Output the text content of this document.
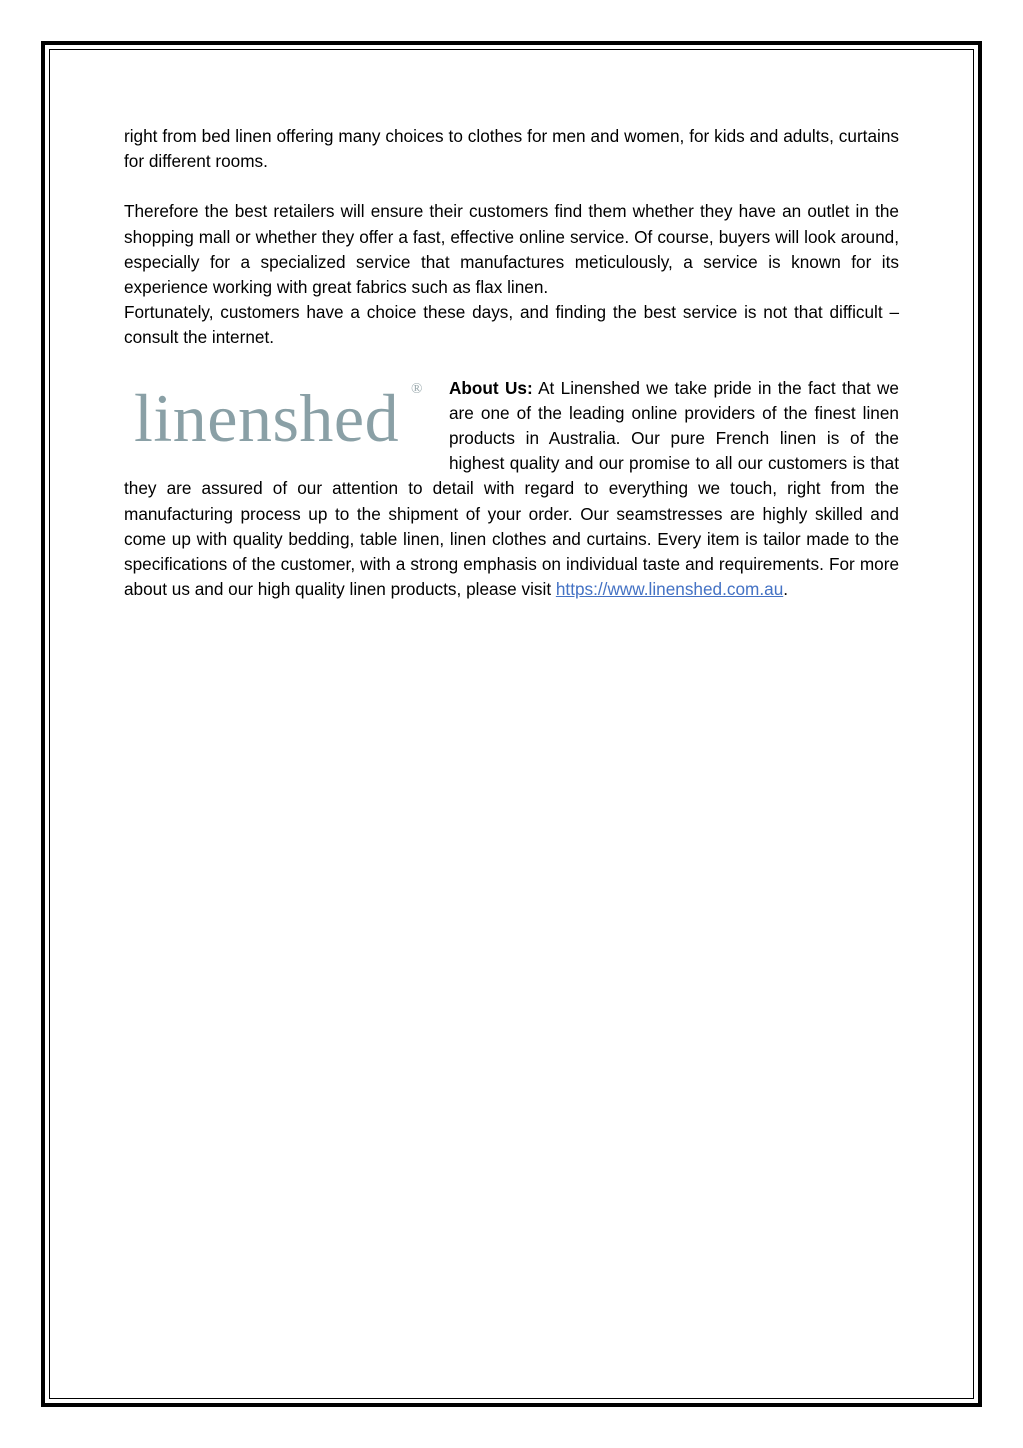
right from bed linen offering many choices to clothes for men and women, for kids and adults, curtains for different rooms.

Therefore the best retailers will ensure their customers find them whether they have an outlet in the shopping mall or whether they offer a fast, effective online service. Of course, buyers will look around, especially for a specialized service that manufactures meticulously, a service is known for its experience working with great fabrics such as flax linen.

Fortunately, customers have a choice these days, and finding the best service is not that difficult – consult the internet.

linenshed ®	About Us: At Linenshed we take pride in the fact that we are one of the leading online providers of the finest linen products in Australia. Our pure French linen is of the highest quality and our promise to all our customers is that they are assured of our attention to detail with regard to everything we touch, right from the manufacturing process up to the shipment of your order. Our seamstresses are highly skilled and come up with quality bedding, table linen, linen clothes and curtains. Every item is tailor made to the specifications of the customer, with a strong emphasis on individual taste and requirements. For more about us and our high quality linen products, please visit https://www.linenshed.com.au.
